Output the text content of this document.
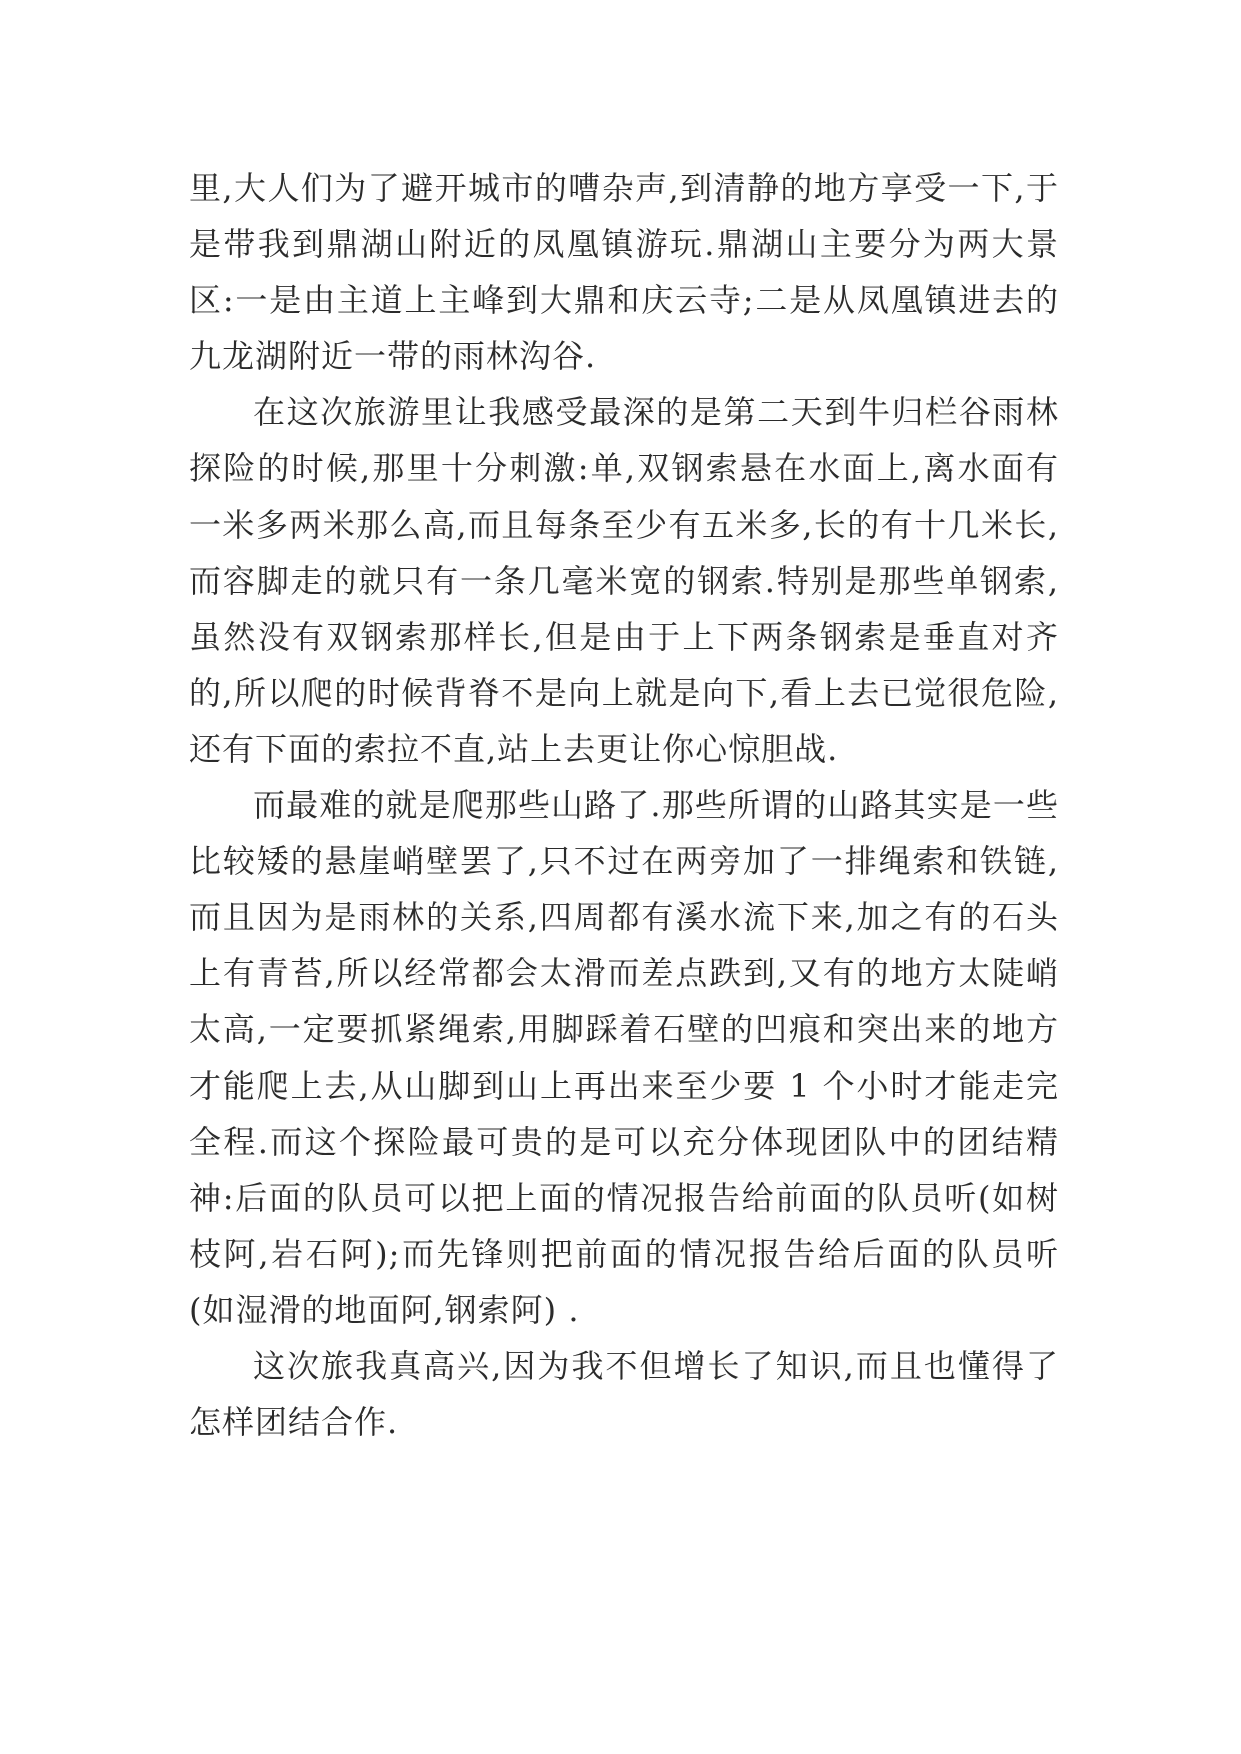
里,大人们为了避开城市的嘈杂声,到清静的地方享受一下,于是带我到鼎湖山附近的凤凰镇游玩.鼎湖山主要分为两大景区:一是由主道上主峰到大鼎和庆云寺;二是从凤凰镇进去的九龙湖附近一带的雨林沟谷.

在这次旅游里让我感受最深的是第二天到牛归栏谷雨林探险的时候,那里十分刺激:单,双钢索悬在水面上,离水面有一米多两米那么高,而且每条至少有五米多,长的有十几米长,而容脚走的就只有一条几毫米宽的钢索.特别是那些单钢索,虽然没有双钢索那样长,但是由于上下两条钢索是垂直对齐的,所以爬的时候背脊不是向上就是向下,看上去已觉很危险,还有下面的索拉不直,站上去更让你心惊胆战.

而最难的就是爬那些山路了.那些所谓的山路其实是一些比较矮的悬崖峭壁罢了,只不过在两旁加了一排绳索和铁链,而且因为是雨林的关系,四周都有溪水流下来,加之有的石头上有青苔,所以经常都会太滑而差点跌到,又有的地方太陡峭太高,一定要抓紧绳索,用脚踩着石壁的凹痕和突出来的地方才能爬上去,从山脚到山上再出来至少要 1 个小时才能走完全程.而这个探险最可贵的是可以充分体现团队中的团结精神:后面的队员可以把上面的情况报告给前面的队员听(如树枝阿,岩石阿);而先锋则把前面的情况报告给后面的队员听(如湿滑的地面阿,钢索阿) .

这次旅我真高兴,因为我不但增长了知识,而且也懂得了怎样团结合作.
